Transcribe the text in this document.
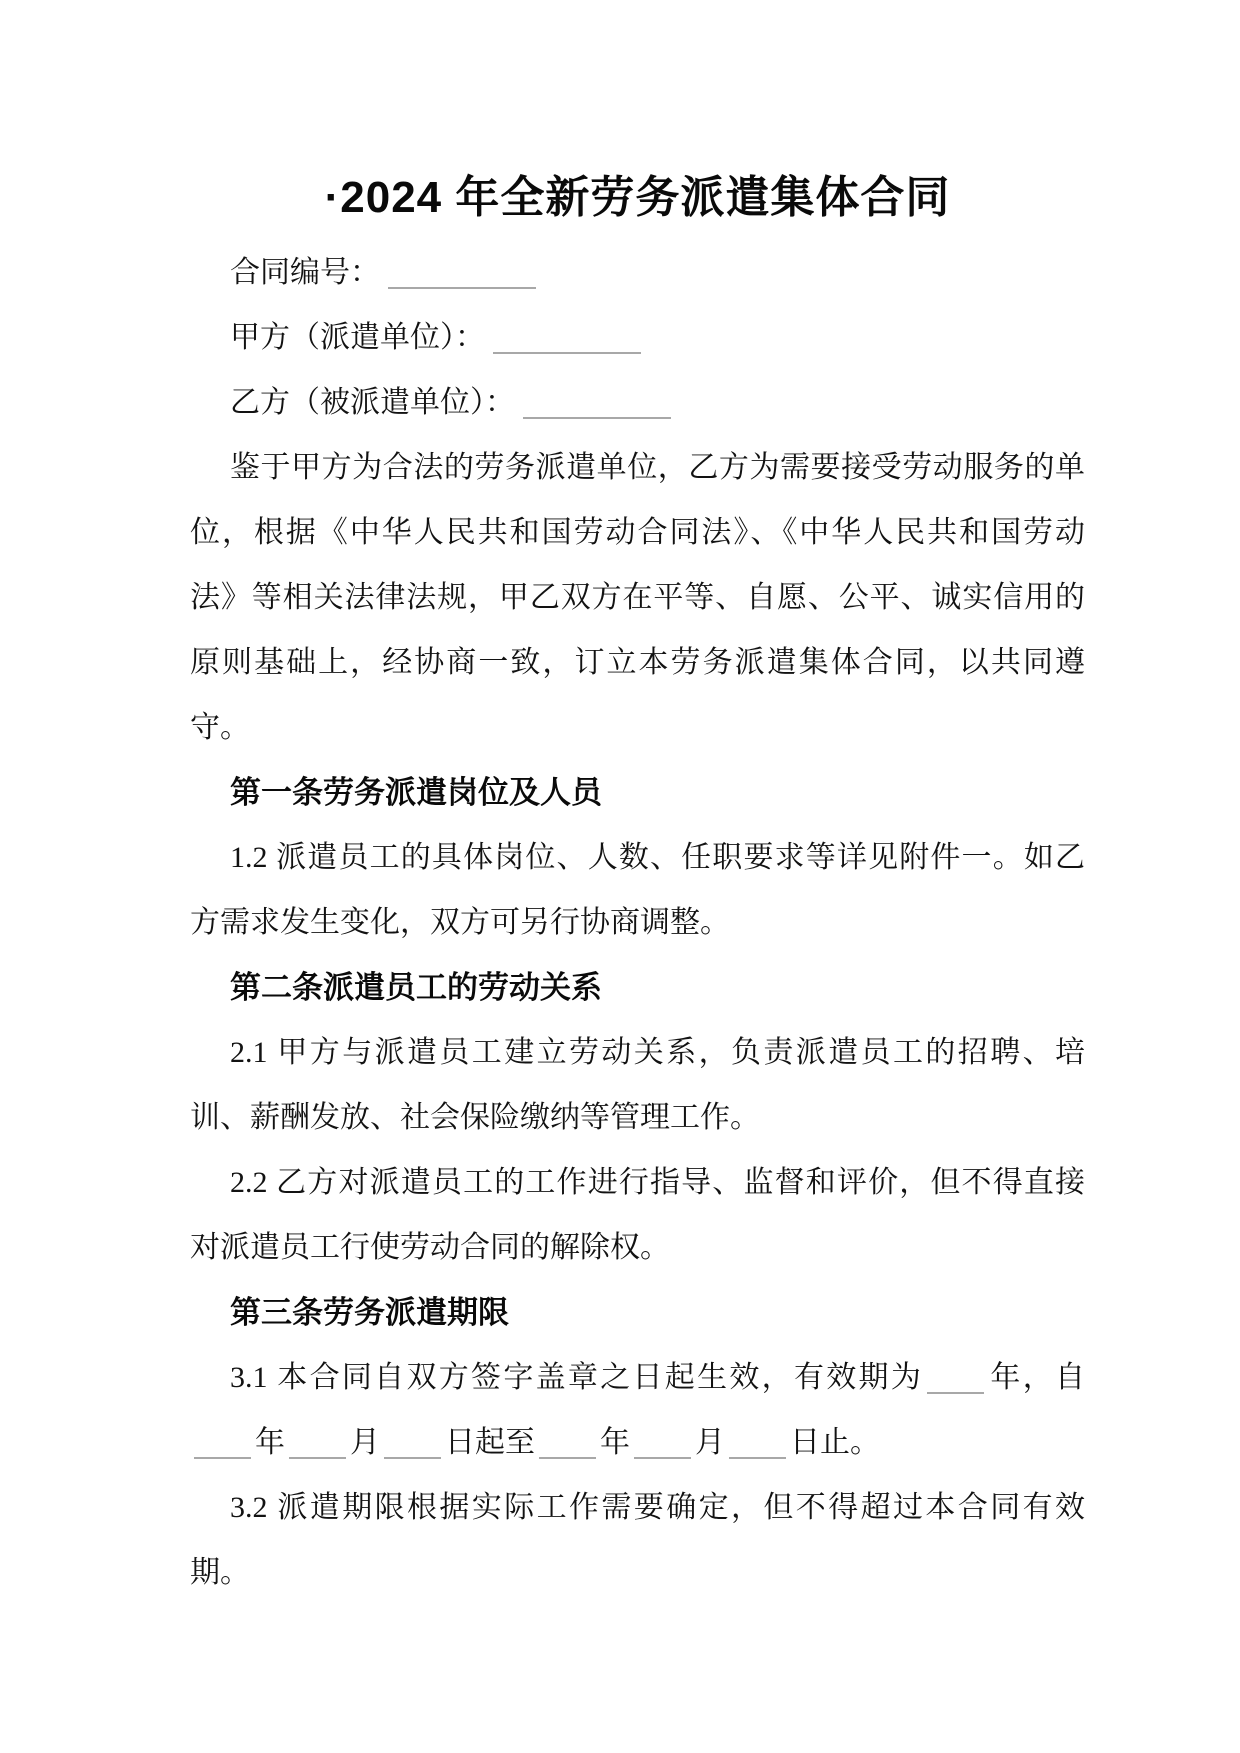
·2024 年全新劳务派遣集体合同
合同编号：
甲方（派遣单位）：
乙方（被派遣单位）：
鉴于甲方为合法的劳务派遣单位，乙方为需要接受劳动服务的单
位，根据《中华人民共和国劳动合同法》、《中华人民共和国劳动
法》等相关法律法规，甲乙双方在平等、自愿、公平、诚实信用的
原则基础上，经协商一致，订立本劳务派遣集体合同，以共同遵
守。
第一条劳务派遣岗位及人员
1.2 派遣员工的具体岗位、人数、任职要求等详见附件一。如乙
方需求发生变化，双方可另行协商调整。
第二条派遣员工的劳动关系
2.1 甲方与派遣员工建立劳动关系，负责派遣员工的招聘、培
训、薪酬发放、社会保险缴纳等管理工作。
2.2 乙方对派遣员工的工作进行指导、监督和评价，但不得直接
对派遣员工行使劳动合同的解除权。
第三条劳务派遣期限
3.1 本合同自双方签字盖章之日起生效，有效期为 年，自
年 月 日起至 年 月 日止。
3.2 派遣期限根据实际工作需要确定，但不得超过本合同有效
期。
